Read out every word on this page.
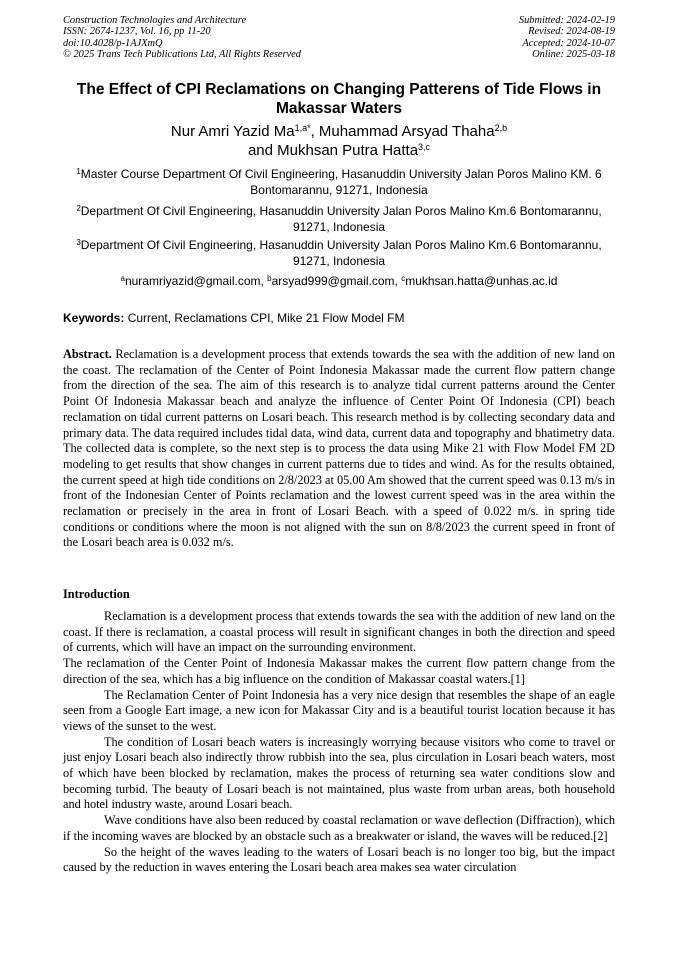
Construction Technologies and Architecture
ISSN: 2674-1237, Vol. 16, pp 11-20
doi:10.4028/p-1AJXmQ
© 2025 Trans Tech Publications Ltd, All Rights Reserved
Submitted: 2024-02-19
Revised: 2024-08-19
Accepted: 2024-10-07
Online: 2025-03-18
The Effect of CPI Reclamations on Changing Patterens of Tide Flows in Makassar Waters
Nur Amri Yazid $Ma^{1,a*}$, Muhammad Arsyad Thaha$^{2,b}$
and Mukhsan Putra Hatta$^{3,c}$
$^1$Master Course Department Of Civil Engineering, Hasanuddin University Jalan Poros Malino KM. 6 Bontomarannu, 91271, Indonesia
$^2$Department Of Civil Engineering, Hasanuddin University Jalan Poros Malino Km.6 Bontomarannu, 91271, Indonesia
$^3$Department Of Civil Engineering, Hasanuddin University Jalan Poros Malino Km.6 Bontomarannu, 91271, Indonesia
$^a$nuramriyazid@gmail.com, $^b$arsyad999@gmail.com, $^c$mukhsan.hatta@unhas.ac.id
Keywords: Current, Reclamations CPI, Mike 21 Flow Model FM
Abstract. Reclamation is a development process that extends towards the sea with the addition of new land on the coast. The reclamation of the Center of Point Indonesia Makassar made the current flow pattern change from the direction of the sea. The aim of this research is to analyze tidal current patterns around the Center Point Of Indonesia Makassar beach and analyze the influence of Center Point Of Indonesia (CPI) beach reclamation on tidal current patterns on Losari beach. This research method is by collecting secondary data and primary data. The data required includes tidal data, wind data, current data and topography and bhatimetry data. The collected data is complete, so the next step is to process the data using Mike 21 with Flow Model FM 2D modeling to get results that show changes in current patterns due to tides and wind. As for the results obtained, the current speed at high tide conditions on 2/8/2023 at 05.00 Am showed that the current speed was 0.13 m/s in front of the Indonesian Center of Points reclamation and the lowest current speed was in the area within the reclamation or precisely in the area in front of Losari Beach. with a speed of 0.022 m/s. in spring tide conditions or conditions where the moon is not aligned with the sun on 8/8/2023 the current speed in front of the Losari beach area is 0.032 m/s.
Introduction

Reclamation is a development process that extends towards the sea with the addition of new land on the coast. If there is reclamation, a coastal process will result in significant changes in both the direction and speed of currents, which will have an impact on the surrounding environment.

The reclamation of the Center Point of Indonesia Makassar makes the current flow pattern change from the direction of the sea, which has a big influence on the condition of Makassar coastal waters.[1]

The Reclamation Center of Point Indonesia has a very nice design that resembles the shape of an eagle seen from a Google Eart image, a new icon for Makassar City and is a beautiful tourist location because it has views of the sunset to the west.

The condition of Losari beach waters is increasingly worrying because visitors who come to travel or just enjoy Losari beach also indirectly throw rubbish into the sea, plus circulation in Losari beach waters, most of which have been blocked by reclamation, makes the process of returning sea water conditions slow and becoming turbid. The beauty of Losari beach is not maintained, plus waste from urban areas, both household and hotel industry waste, around Losari beach.

Wave conditions have also been reduced by coastal reclamation or wave deflection (Diffraction), which if the incoming waves are blocked by an obstacle such as a breakwater or island, the waves will be reduced.[2]

So the height of the waves leading to the waters of Losari beach is no longer too big, but the impact caused by the reduction in waves entering the Losari beach area makes sea water circulation
